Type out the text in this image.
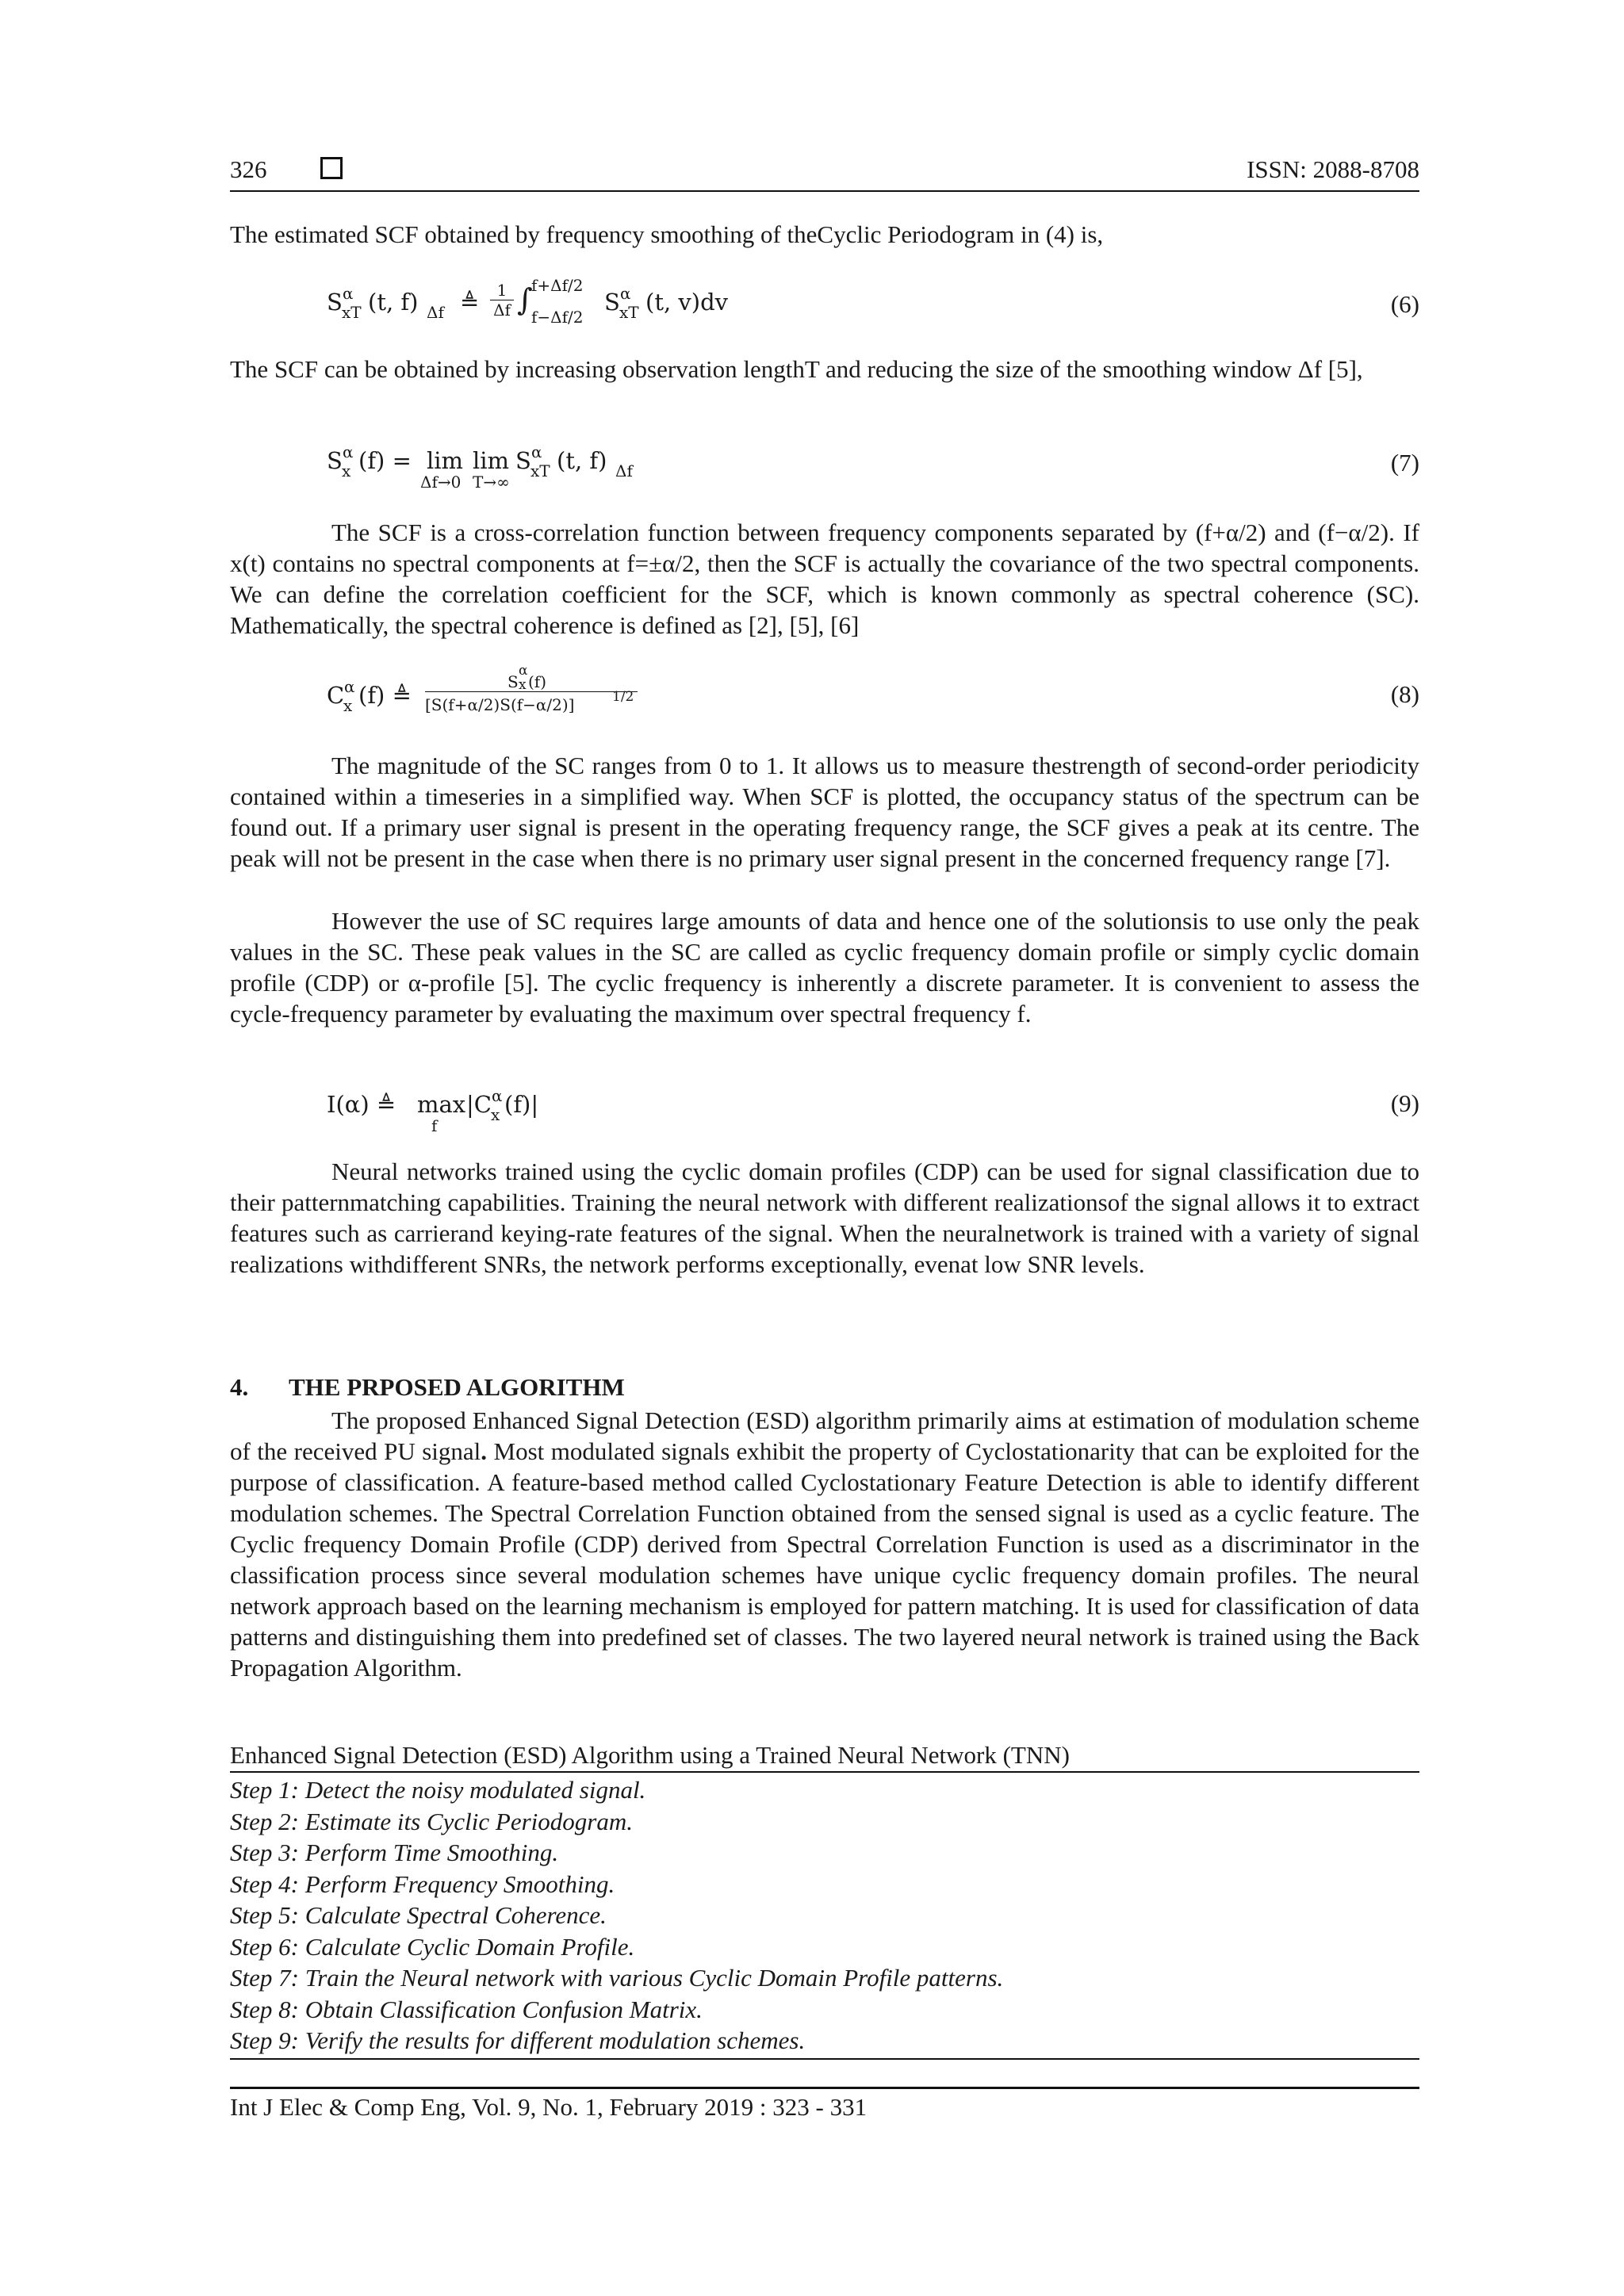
326	ISSN: 2088-8708

The estimated SCF obtained by frequency smoothing of theCyclic Periodogram in (4) is,

S α
xT (t, f) Δf ≜ $\frac{1}{\Delta f}$ ∫
f+Δf/2
f−Δf/2
S α
xT (t, v)dv	(6)

The SCF can be obtained by increasing observation lengthT and reducing the size of the smoothing window Δf [5],

S α
x (f) = lim
Δf→0
lim
T→∞
S α
xT (t, f) Δf	(7)

The SCF is a cross-correlation function between frequency components separated by (f+α/2) and (f−α/2). If x(t) contains no spectral components at f=±α/2, then the SCF is actually the covariance of the two spectral components. We can define the correlation coefficient for the SCF, which is known commonly as spectral coherence (SC). Mathematically, the spectral coherence is defined as [2], [5], [6]

C α
x (f) ≜ S
α
x (f)
[S(f+α/2)S(f−α/2)]	1/2	(8)

The magnitude of the SC ranges from 0 to 1. It allows us to measure thestrength of second-order periodicity contained within a timeseries in a simplified way. When SCF is plotted, the occupancy status of the spectrum can be found out. If a primary user signal is present in the operating frequency range, the SCF gives a peak at its centre. The peak will not be present in the case when there is no primary user signal present in the concerned frequency range [7].

However the use of SC requires large amounts of data and hence one of the solutionsis to use only the peak values in the SC. These peak values in the SC are called as cyclic frequency domain profile or simply cyclic domain profile (CDP) or α-profile [5]. The cyclic frequency is inherently a discrete parameter. It is convenient to assess the cycle-frequency parameter by evaluating the maximum over spectral frequency f.

I(α) ≜ max
f
|C α
x (f)|	(9)

Neural networks trained using the cyclic domain profiles (CDP) can be used for signal classification due to their patternmatching capabilities. Training the neural network with different realizationsof the signal allows it to extract features such as carrierand keying-rate features of the signal. When the neuralnetwork is trained with a variety of signal realizations withdifferent SNRs, the network performs exceptionally, evenat low SNR levels.

4. THE PRPOSED ALGORITHM

The proposed Enhanced Signal Detection (ESD) algorithm primarily aims at estimation of modulation scheme of the received PU signal. Most modulated signals exhibit the property of Cyclostationarity that can be exploited for the purpose of classification. A feature-based method called Cyclostationary Feature Detection is able to identify different modulation schemes. The Spectral Correlation Function obtained from the sensed signal is used as a cyclic feature. The Cyclic frequency Domain Profile (CDP) derived from Spectral Correlation Function is used as a discriminator in the classification process since several modulation schemes have unique cyclic frequency domain profiles. The neural network approach based on the learning mechanism is employed for pattern matching. It is used for classification of data patterns and distinguishing them into predefined set of classes. The two layered neural network is trained using the Back Propagation Algorithm.

Enhanced Signal Detection (ESD) Algorithm using a Trained Neural Network (TNN)
Step 1: Detect the noisy modulated signal.
Step 2: Estimate its Cyclic Periodogram.
Step 3: Perform Time Smoothing.
Step 4: Perform Frequency Smoothing.
Step 5: Calculate Spectral Coherence.
Step 6: Calculate Cyclic Domain Profile.
Step 7: Train the Neural network with various Cyclic Domain Profile patterns.
Step 8: Obtain Classification Confusion Matrix.
Step 9: Verify the results for different modulation schemes.
Int J Elec & Comp Eng, Vol. 9, No. 1, February 2019 : 323 - 331
